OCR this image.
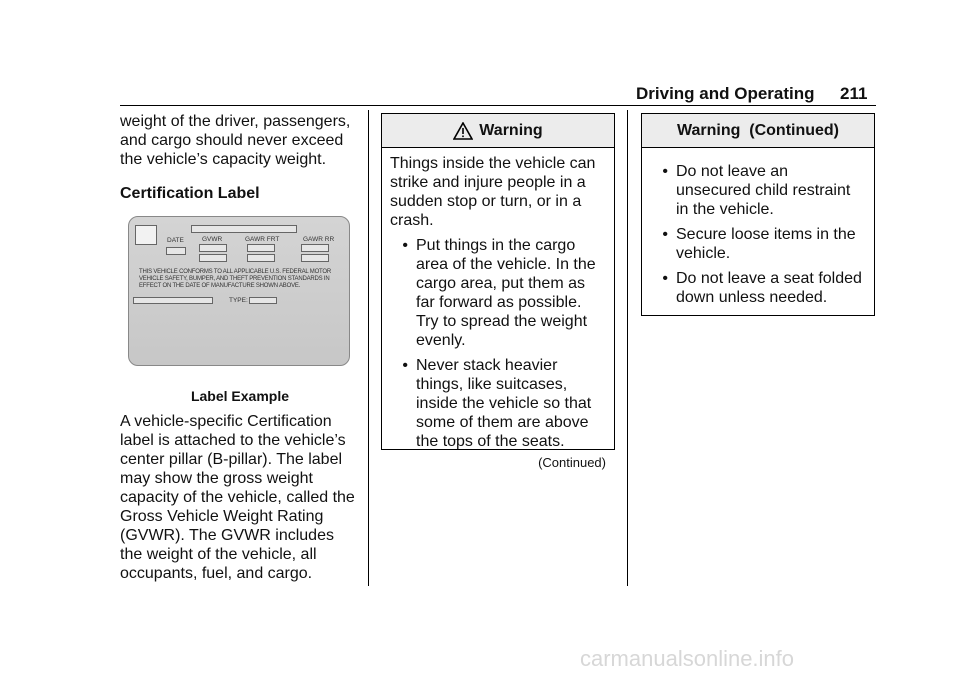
Driving and Operating 211

weight of the driver, passengers, and cargo should never exceed the vehicle’s capacity weight.

Certification Label
DATE	GVWR	GAWR FRT	GAWR RR
THIS VEHICLE CONFORMS TO ALL APPLICABLE U.S. FEDERAL MOTOR VEHICLE SAFETY, BUMPER, AND THEFT PREVENTION STANDARDS IN EFFECT ON THE DATE OF MANUFACTURE SHOWN ABOVE.
TYPE:
Label Example

A vehicle-specific Certification label is attached to the vehicle’s center pillar (B-pillar). The label may show the gross weight capacity of the vehicle, called the Gross Vehicle Weight Rating (GVWR). The GVWR includes the weight of the vehicle, all occupants, fuel, and cargo.

Warning

Things inside the vehicle can strike and injure people in a sudden stop or turn, or in a crash.

• Put things in the cargo area of the vehicle. In the cargo area, put them as far forward as possible. Try to spread the weight evenly.
• Never stack heavier things, like suitcases, inside the vehicle so that some of them are above the tops of the seats.
(Continued)
Warning  (Continued)
• Do not leave an unsecured child restraint in the vehicle.
• Secure loose items in the vehicle.
• Do not leave a seat folded down unless needed.
carmanualsonline.info
